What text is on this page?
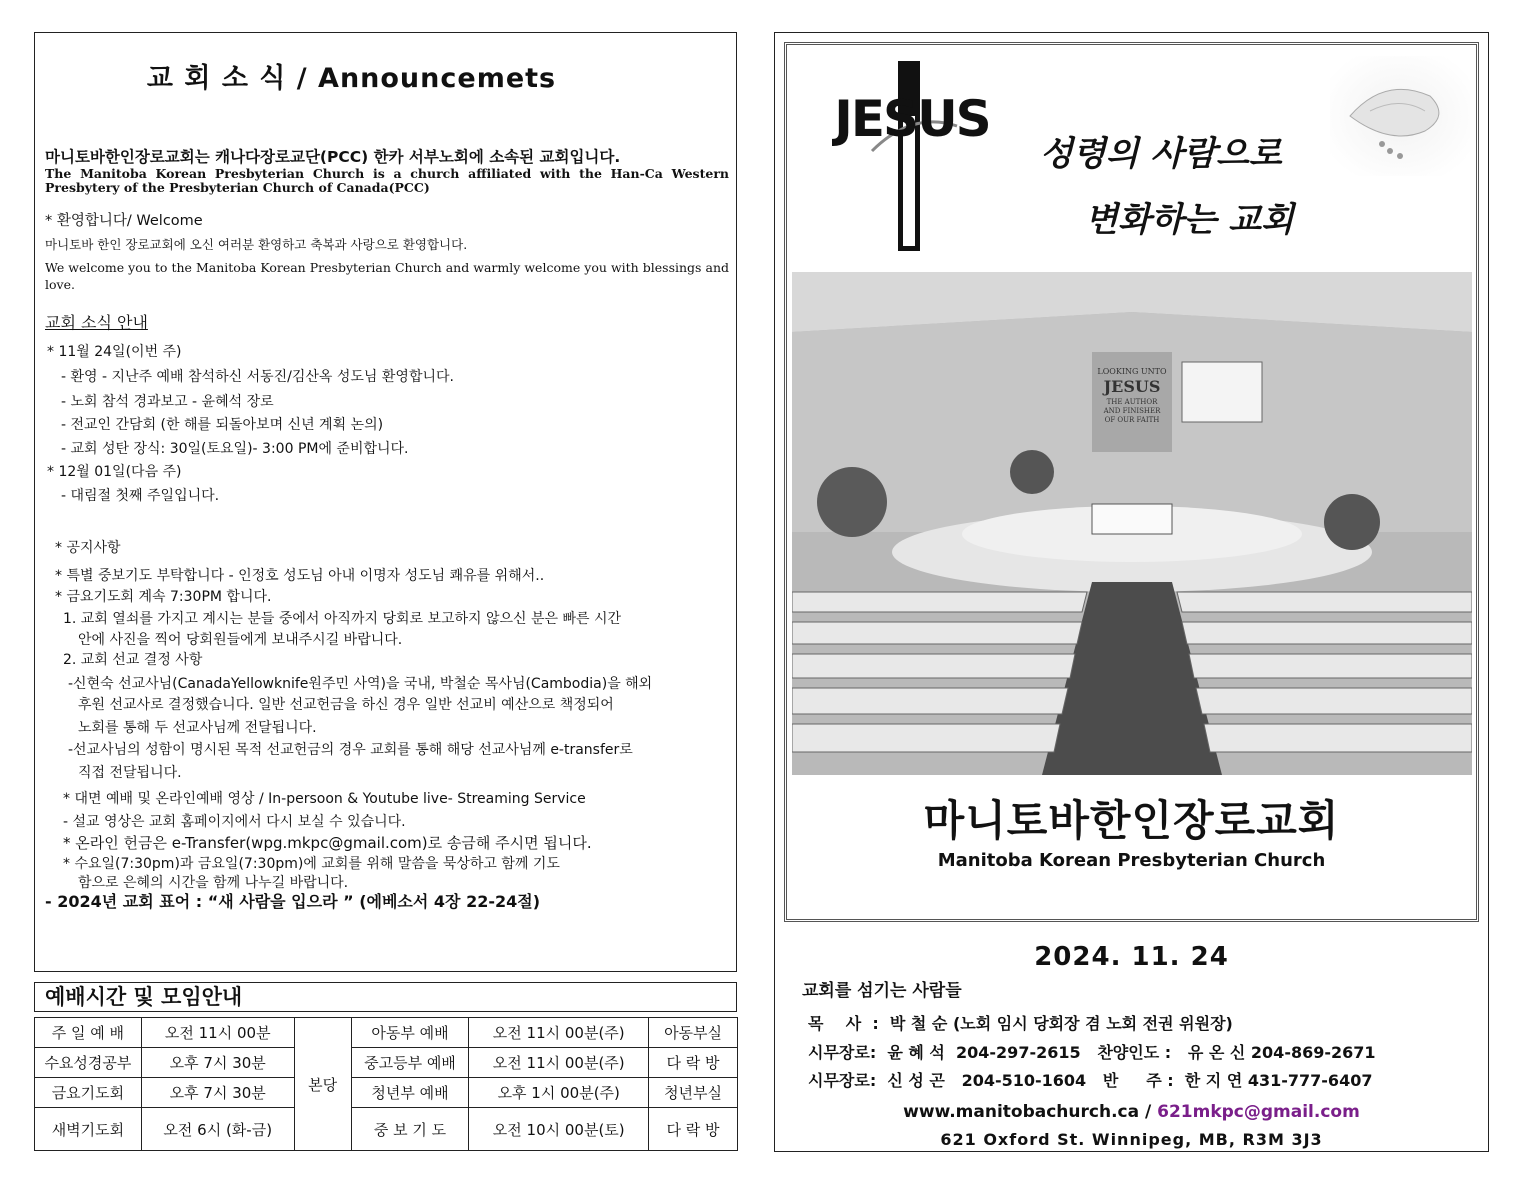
교 회 소 식 / Announcemets
마니토바한인장로교회는 캐나다장로교단(PCC) 한카 서부노회에 소속된 교회입니다.
The Manitoba Korean Presbyterian Church is a church affiliated with the Han-Ca Western Presbytery of the Presbyterian Church of Canada(PCC)
* 환영합니다/ Welcome
마니토바 한인 장로교회에 오신 여러분 환영하고 축복과 사랑으로 환영합니다.
We welcome you to the Manitoba Korean Presbyterian Church and warmly welcome you with blessings and love.
교회 소식 안내
* 11월 24일(이번 주)
- 환영 - 지난주 예배 참석하신 서동진/김산옥 성도님 환영합니다.
- 노회 참석 경과보고 - 윤혜석 장로
- 전교인 간담회 (한 해를 되돌아보며 신년 계획 논의)
- 교회 성탄 장식: 30일(토요일)- 3:00 PM에 준비합니다.
* 12월 01일(다음 주)
- 대림절 첫째 주일입니다.
* 공지사항
* 특별 중보기도 부탁합니다 - 인정호 성도님 아내 이명자 성도님 쾌유를 위해서..
* 금요기도회 계속 7:30PM 합니다.
1. 교회 열쇠를 가지고 계시는 분들 중에서 아직까지 당회로 보고하지 않으신 분은 빠른 시간
안에 사진을 찍어 당회원들에게 보내주시길 바랍니다.
2. 교회 선교 결정 사항
-신현숙 선교사님(CanadaYellowknife원주민 사역)을 국내, 박철순 목사님(Cambodia)을 해외
후원 선교사로 결정했습니다. 일반 선교헌금을 하신 경우 일반 선교비 예산으로 책정되어
노회를 통해 두 선교사님께 전달됩니다.
-선교사님의 성함이 명시된 목적 선교헌금의 경우 교회를 통해 해당 선교사님께 e-transfer로
직접 전달됩니다.
* 대면 예배 및 온라인예배 영상 / In-persoon & Youtube live- Streaming Service
- 설교 영상은 교회 홈페이지에서 다시 보실 수 있습니다.
* 온라인 헌금은 e-Transfer(wpg.mkpc@gmail.com)로 송금해 주시면 됩니다.
* 수요일(7:30pm)과 금요일(7:30pm)에 교회를 위해 말씀을 묵상하고 함께 기도
함으로 은혜의 시간을 함께 나누길 바랍니다.
- 2024년 교회 표어 : “새 사람을 입으라 ” (에베소서 4장 22-24절)
예배시간 및 모임안내
주 일 예 배	오전 11시 00분	본당	아동부 예배	오전 11시 00분(주)	아동부실
수요성경공부	오후 7시 30분		중고등부 예배	오전 11시 00분(주)	다 락 방
금요기도회	오후 7시 30분		청년부 예배	오후 1시 00분(주)	청년부실
새벽기도회	오전 6시 (화-금)		중 보 기 도	오전 10시 00분(토)	다 락 방
JESUS
성령의 사람으로
변화하는 교회
LOOKING UNTO
JESUS
THE AUTHOR
AND FINISHER
OF OUR FAITH
마니토바한인장로교회
Manitoba Korean Presbyterian Church
2024. 11. 24
교회를 섬기는 사람들
목    사  :  박 철 순 (노회 임시 당회장 겸 노회 전권 위원장)
시무장로:  윤 혜 석  204-297-2615   찬양인도 :   유 온 신 204-869-2671
시무장로:  신 성 곤   204-510-1604   반     주 :  한 지 연 431-777-6407
www.manitobachurch.ca / 621mkpc@gmail.com
621 Oxford St. Winnipeg, MB, R3M 3J3
